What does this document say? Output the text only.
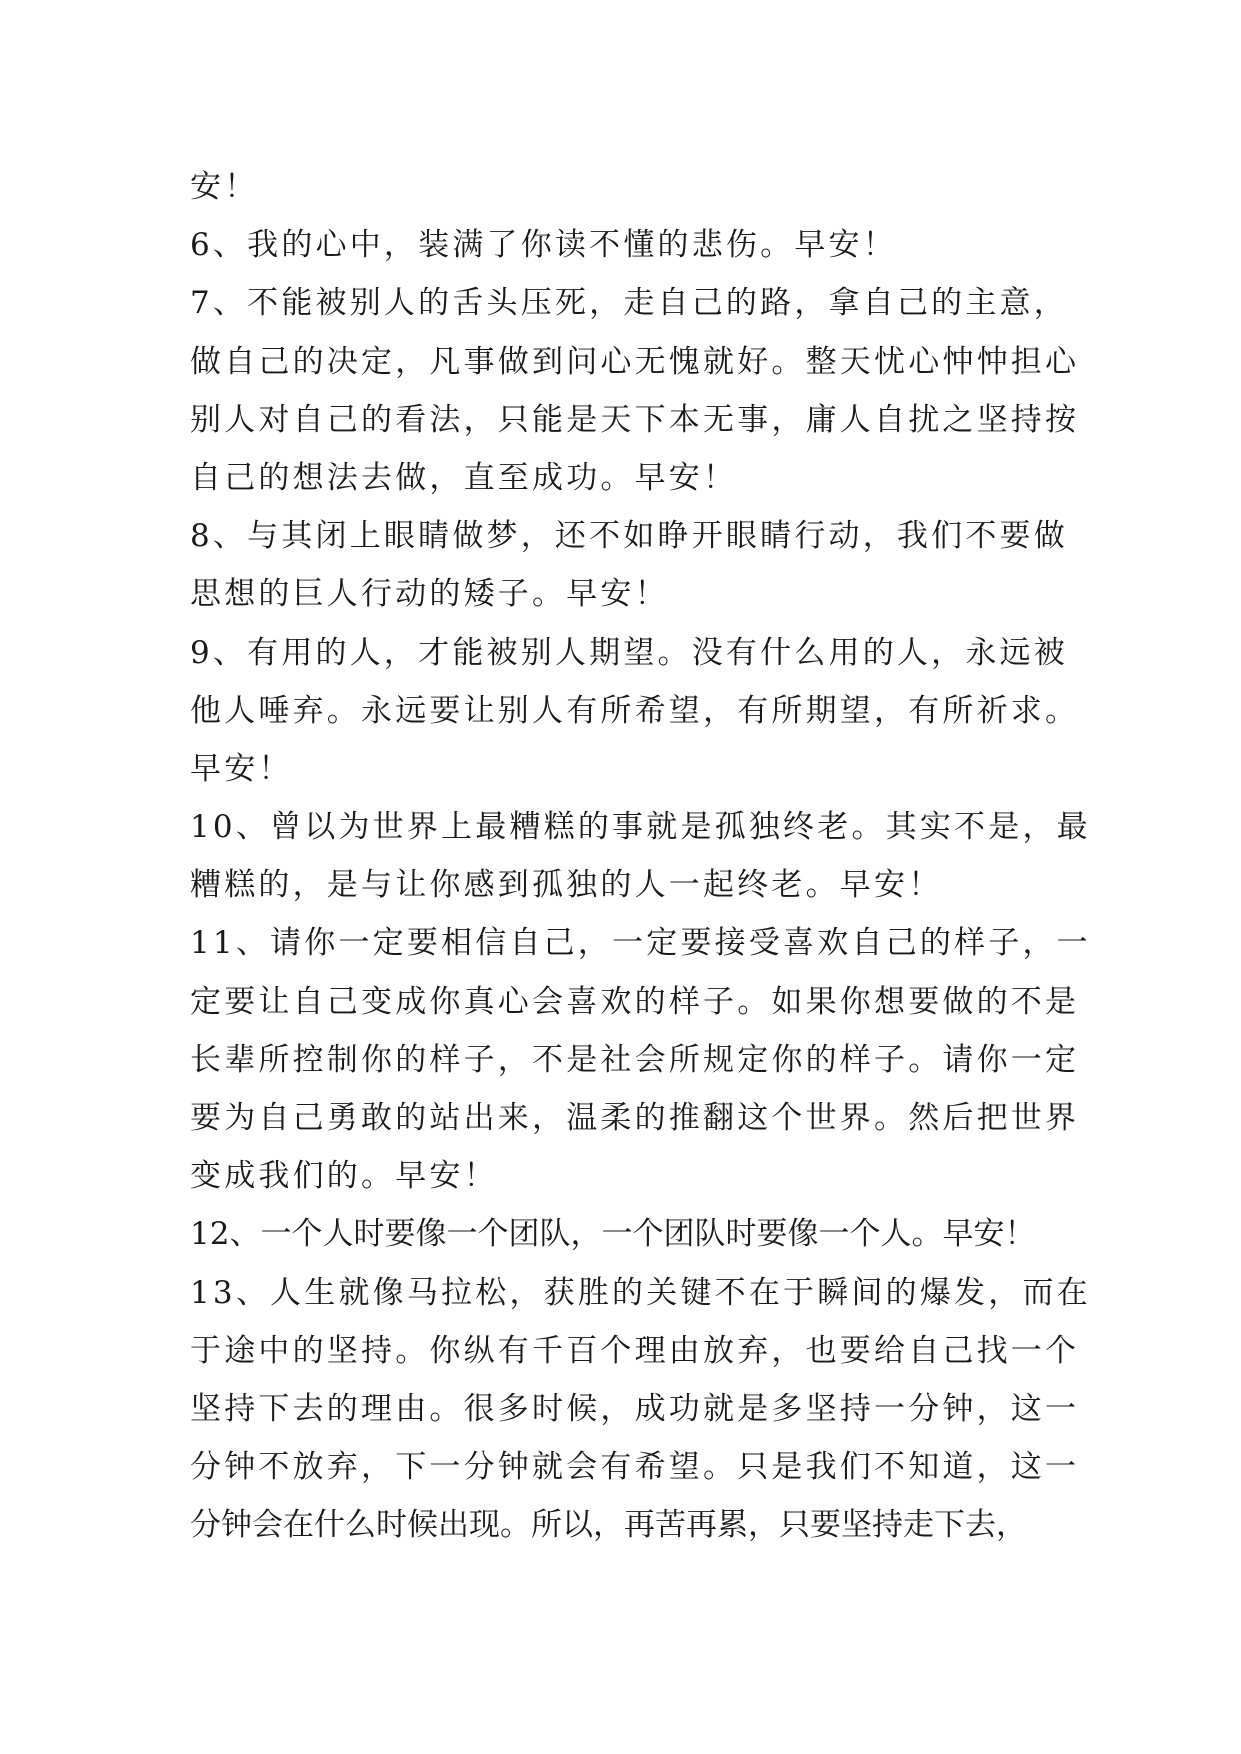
安！
6、我的心中，装满了你读不懂的悲伤。早安！
7、不能被别人的舌头压死，走自己的路，拿自己的主意，
做自己的决定，凡事做到问心无愧就好。整天忧心忡忡担心
别人对自己的看法，只能是天下本无事，庸人自扰之坚持按
自己的想法去做，直至成功。早安！
8、与其闭上眼睛做梦，还不如睁开眼睛行动，我们不要做
思想的巨人行动的矮子。早安！
9、有用的人，才能被别人期望。没有什么用的人，永远被
他人唾弃。永远要让别人有所希望，有所期望，有所祈求。
早安！
10、曾以为世界上最糟糕的事就是孤独终老。其实不是，最
糟糕的，是与让你感到孤独的人一起终老。早安！
11、请你一定要相信自己，一定要接受喜欢自己的样子，一
定要让自己变成你真心会喜欢的样子。如果你想要做的不是
长辈所控制你的样子，不是社会所规定你的样子。请你一定
要为自己勇敢的站出来，温柔的推翻这个世界。然后把世界
变成我们的。早安！
12、一个人时要像一个团队，一个团队时要像一个人。早安！
13、人生就像马拉松，获胜的关键不在于瞬间的爆发，而在
于途中的坚持。你纵有千百个理由放弃，也要给自己找一个
坚持下去的理由。很多时候，成功就是多坚持一分钟，这一
分钟不放弃，下一分钟就会有希望。只是我们不知道，这一
分钟会在什么时候出现。所以，再苦再累，只要坚持走下去，
